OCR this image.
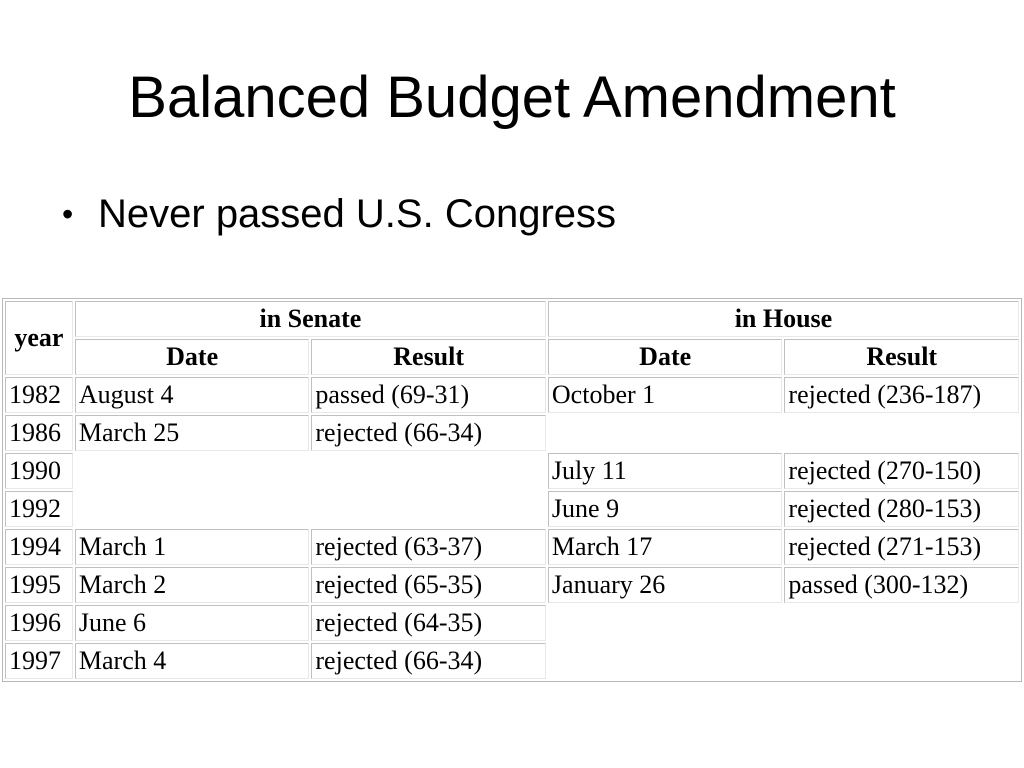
Balanced Budget Amendment
• Never passed U.S. Congress
year	in Senate		in House	
	Date	Result	Date	Result
1982	August 4	passed (69-31)	October 1	rejected (236-187)
1986	March 25	rejected (66-34)		
1990			July 11	rejected (270-150)
1992			June 9	rejected (280-153)
1994	March 1	rejected (63-37)	March 17	rejected (271-153)
1995	March 2	rejected (65-35)	January 26	passed (300-132)
1996	June 6	rejected (64-35)		
1997	March 4	rejected (66-34)		
